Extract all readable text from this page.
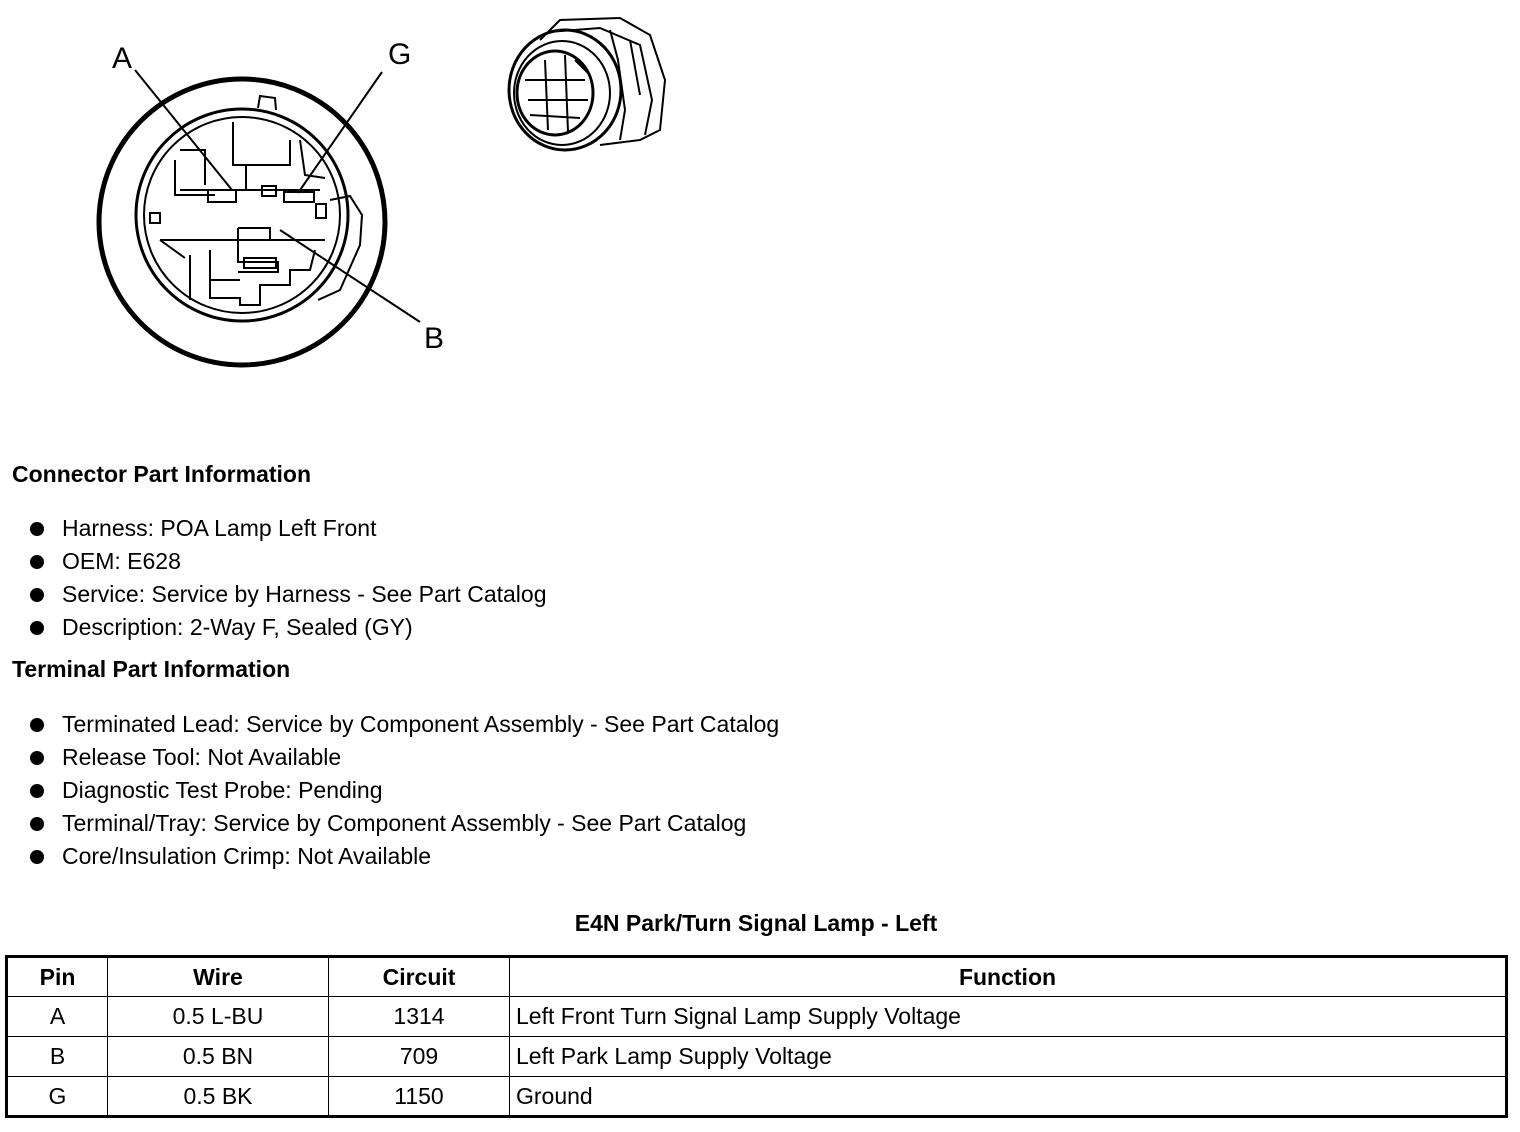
A	G
B
Connector Part Information
Harness: POA Lamp Left Front
OEM: E628
Service: Service by Harness - See Part Catalog
Description: 2-Way F, Sealed (GY)
Terminal Part Information
Terminated Lead: Service by Component Assembly - See Part Catalog
Release Tool: Not Available
Diagnostic Test Probe: Pending
Terminal/Tray: Service by Component Assembly - See Part Catalog
Core/Insulation Crimp: Not Available
E4N Park/Turn Signal Lamp - Left
Pin	Wire	Circuit	Function
A	0.5 L-BU	1314	Left Front Turn Signal Lamp Supply Voltage
B	0.5 BN	709	Left Park Lamp Supply Voltage
G	0.5 BK	1150	Ground
